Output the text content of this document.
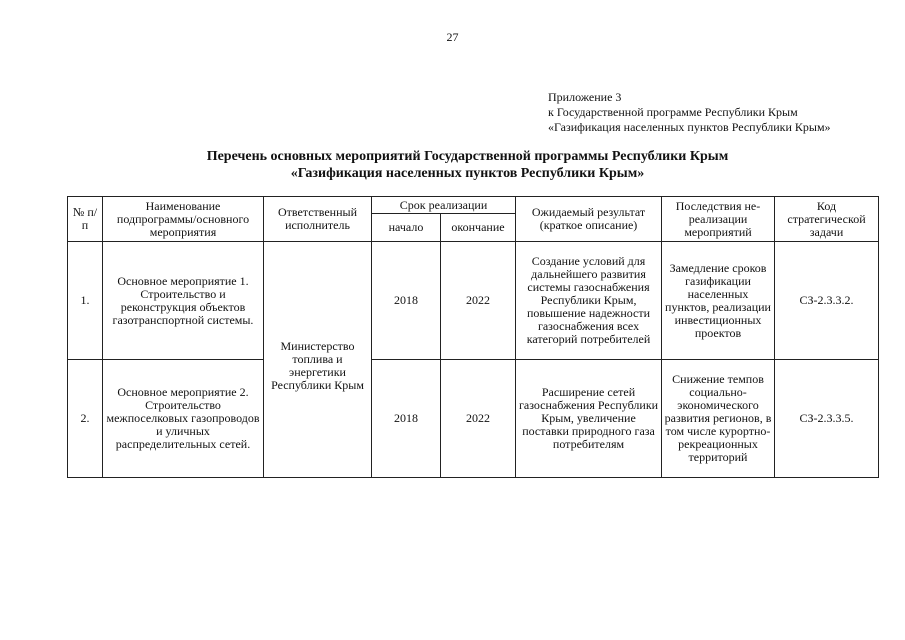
27
Приложение 3
к Государственной программе Республики Крым
«Газификация населенных пунктов Республики Крым»
Перечень основных мероприятий Государственной программы Республики Крым
«Газификация населенных пунктов Республики Крым»
№ п/п	Наименование подпрограммы/основного мероприятия	Ответственный исполнитель	Срок реализации		Ожидаемый результат (краткое описание)	Последствия не-реализации мероприятий	Код стратегической задачи
			начало	окончание			
1.	Основное мероприятие 1. Строительство и реконструкция объектов газотранспортной системы.	Министерство топлива и энергетики Республики Крым	2018	2022	Создание условий для дальнейшего развития системы газоснабжения Республики Крым, повышение надежности газоснабжения всех категорий потребителей	Замедление сроков газификации населенных пунктов, реализации инвестиционных проектов	СЗ-2.3.3.2.
2.	Основное мероприятие 2. Строительство межпоселковых газопроводов и уличных распределительных сетей.		2018	2022	Расширение сетей газоснабжения Республики Крым, увеличение поставки природного газа потребителям	Снижение темпов социально-экономического развития регионов, в том числе курортно-рекреационных территорий	СЗ-2.3.3.5.
